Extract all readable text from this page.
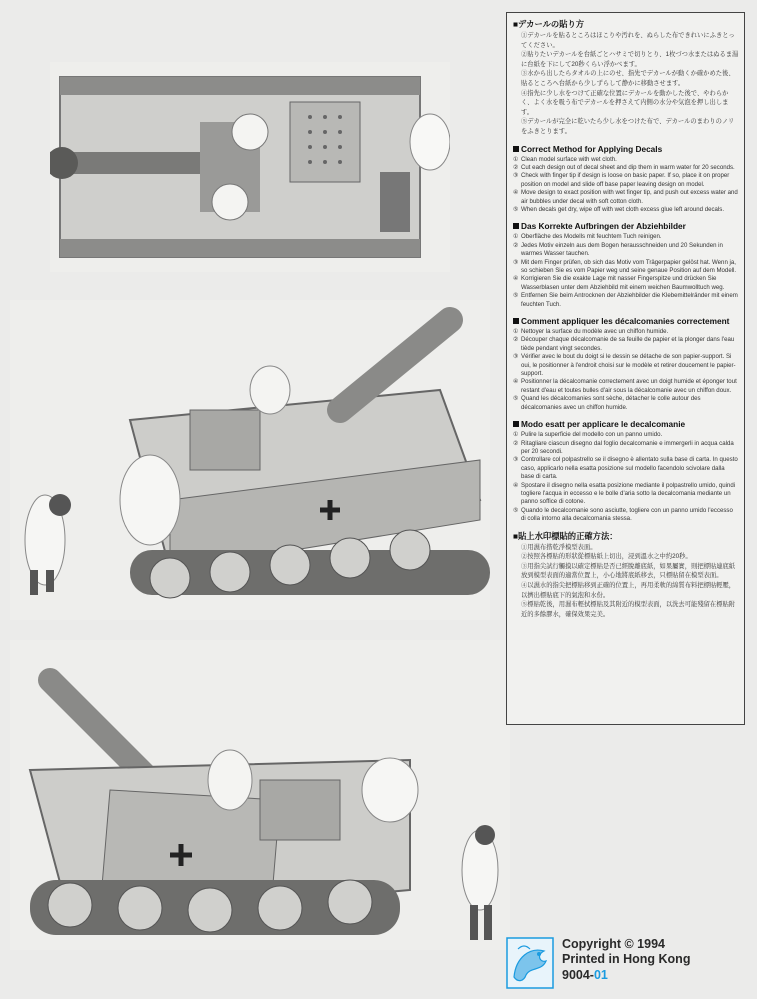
■デカールの貼り方
①デカールを貼るところはほこりや汚れを、ぬらした布できれいにふきとってください。
②貼りたいデカールを台紙ごとハサミで切りとり、1枚づつ水またはぬるま湯に台紙を下にして20秒くらい浮かべます。
③水から出したらタオルの上にのせ、指先でデカールが動くか確かめた後、貼るところへ台紙から少しずらして静かに移動させます。
④指先に少し水をつけて正確な位置にデカールを動かした後で、やわらかく、よく水を吸う布でデカールを押さえて内側の水分や気泡を押し出します。
⑤デカールが完全に乾いたら少し水をつけた布で、デカールのまわりのノリをふきとります。
Correct Method for Applying Decals
① Clean model surface with wet cloth.
② Cut each design out of decal sheet and dip them in warm water for 20 seconds.
③ Check with finger tip if design is loose on basic paper. If so, place it on proper position on model and slide off base paper leaving design on model.
④ Move design to exact position with wet finger tip, and push out excess water and air bubbles under decal with soft cotton cloth.
⑤ When decals get dry, wipe off with wet cloth excess glue left around decals.
Das Korrekte Aufbringen der Abziehbilder
① Oberfläche des Modells mit feuchtem Tuch reinigen.
② Jedes Motiv einzeln aus dem Bogen herausschneiden und 20 Sekunden in warmes Wasser tauchen.
③ Mit dem Finger prüfen, ob sich das Motiv vom Trägerpapier gelöst hat. Wenn ja, so schieben Sie es vom Papier weg und seine genaue Position auf dem Modell.
④ Korrigieren Sie die exakte Lage mit nasser Fingerspitze und drücken Sie Wasserblasen unter dem Abziehbild mit einem weichen Baumwolltuch weg.
⑤ Entfernen Sie beim Antrocknen der Abziehbilder die Klebemittelränder mit einem feuchten Tuch.
Comment appliquer les décalcomanies correctement
① Nettoyer la surface du modèle avec un chiffon humide.
② Découper chaque décalcomanie de sa feuille de papier et la plonger dans l'eau tiède pendant vingt secondes.
③ Vérifier avec le bout du doigt si le dessin se détache de son papier-support. Si oui, le positionner à l'endroit choisi sur le modèle et retirer doucement le papier-support.
④ Positionner la décalcomanie correctement avec un doigt humide et éponger tout restant d'eau et toutes bulles d'air sous la décalcomanie avec un chiffon doux.
⑤ Quand les décalcomanies sont sèche, détacher le colle autour des décalcomanies avec un chiffon humide.
Modo esatt per applicare le decalcomanie
① Pulire la superficie del modello con un panno umido.
② Ritagliare ciascun disegno dal foglio decalcomanie e immergerli in acqua calda per 20 secondi.
③ Controllare col polpastrello se il disegno è allentato sulla base di carta. In questo caso, applicarlo nella esatta posizione sul modello facendolo scivolare dalla base di carta.
④ Spostare il disegno nella esatta posizione mediante il polpastrello umido, quindi togliere l'acqua in eccesso e le bolle d'aria sotto la decalcomania mediante un panno soffice di cotone.
⑤ Quando le decalcomanie sono asciutte, togliere con un panno umido l'eccesso di colla intorno alla decalcomania stessa.
■貼上水印標貼的正確方法：
①用濕布揩乾淨模型表面。
②按照各標貼的形狀從標貼紙上切出，浸到溫水之中約20秒。
③用指尖試行觸摸以確定標貼是否已經脫離底紙，如果屬實，則把標貼連底紙放到模型表面的適當位置上，小心地將底紙移去，只標貼留在模型表面。
④以濕水的指尖把標貼移到正確的位置上，再用柔軟的綿質布料把標貼輕壓，以擠出標貼底下的氣泡和水份。
⑤標貼乾後，用濕布輕拭標貼及其附近的模型表面，以洗去可能殘留在標貼附近的多餘膠水，確保效果完美。
Copyright © 1994
Printed in Hong Kong
9004-01
